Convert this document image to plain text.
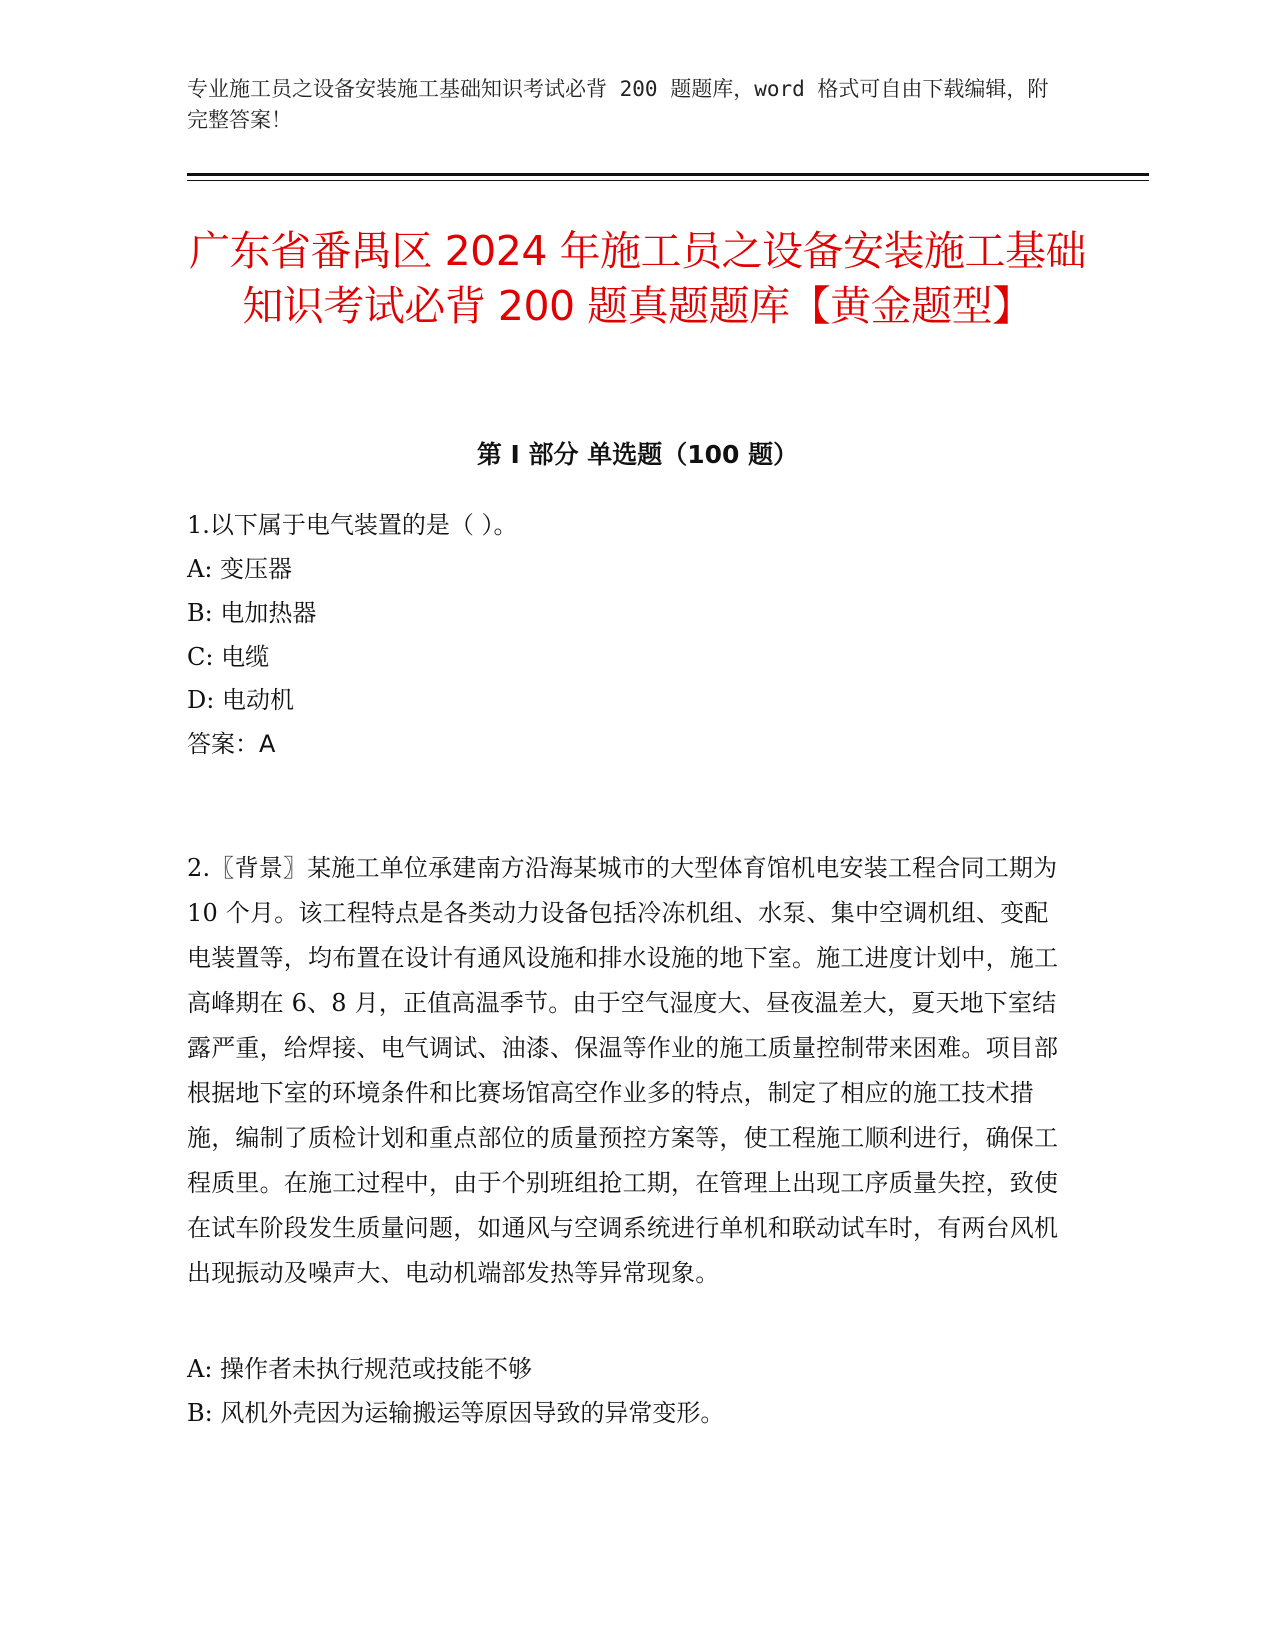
专业施工员之设备安装施工基础知识考试必背 200 题题库，word 格式可自由下载编辑，附完整答案！

广东省番禺区 2024 年施工员之设备安装施工基础知识考试必背 200 题真题题库【黄金题型】
第 I 部分 单选题（100 题）

1.以下属于电气装置的是（ ）。

A: 变压器

B: 电加热器

C: 电缆

D: 电动机

答案：A

2.〖背景〗某施工单位承建南方沿海某城市的大型体育馆机电安装工程合同工期为 10 个月。该工程特点是各类动力设备包括冷冻机组、水泵、集中空调机组、变配电装置等，均布置在设计有通风设施和排水设施的地下室。施工进度计划中，施工高峰期在 6、8 月，正值高温季节。由于空气湿度大、昼夜温差大，夏天地下室结露严重，给焊接、电气调试、油漆、保温等作业的施工质量控制带来困难。项目部根据地下室的环境条件和比赛场馆高空作业多的特点，制定了相应的施工技术措施，编制了质检计划和重点部位的质量预控方案等，使工程施工顺利进行，确保工程质里。在施工过程中，由于个别班组抢工期，在管理上出现工序质量失控，致使在试车阶段发生质量问题，如通风与空调系统进行单机和联动试车时，有两台风机出现振动及噪声大、电动机端部发热等异常现象。

A: 操作者未执行规范或技能不够

B: 风机外壳因为运输搬运等原因导致的异常变形。
